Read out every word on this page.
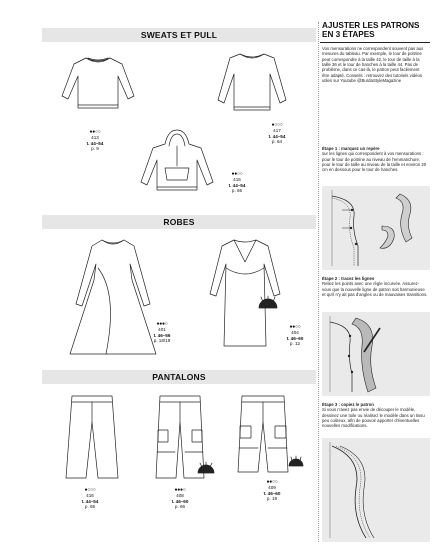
SWEATS ET PULL
●●○○
413
t. 44–54
p. 9
●○○○
417
t. 44–54
p. 64
●●○○
415
t. 44–54
p. 65
ROBES
●●●○
401
t. 46–56
p. 18/19
●●○○
404
t. 46–60
p. 12
PANTALONS
●○○○
416
t. 44–54
p. 65
●●●○
408
t. 46–60
p. 66
●●○○
409
t. 46–60
p. 19
AJUSTER LES PATRONS
EN 3 ÉTAPES
Vos mensurations ne correspondent souvent pas aux mesures du tableau. Par exemple, le tour de poitrine peut correspondre à la taille 42, le tour de taille à la taille 36 et le tour de hanches à la taille 44. Pas de problème, dans ce cas-là, le patron peut facilement être adapté. Conseils : retrouvez des tutoriels vidéos utiles sur Youtube @BurdaStyleMagazine
Étape 1 : marquez un repère
sur les lignes qui correspondent à vos mensurations : pour le tour de poitrine au niveau de l'emmanchure, pour le tour de taille au niveau de la taille et environ 20 cm en dessous pour le tour de hanches.
Étape 2 : tracez les lignes
Reliez les points avec une règle incurvée. Assurez-vous que la nouvelle ligne de patron soit harmonieuse et qu'il n'y ait pas d'angles ou de mauvaises transitions.
Étape 3 : copiez le patron
Si vous n'avez pas envie de découper le modèle, dessinez une toile ou réalisez le modèle dans un tissu peu coûteux, afin de pouvoir apporter d'éventuelles nouvelles modifications.
